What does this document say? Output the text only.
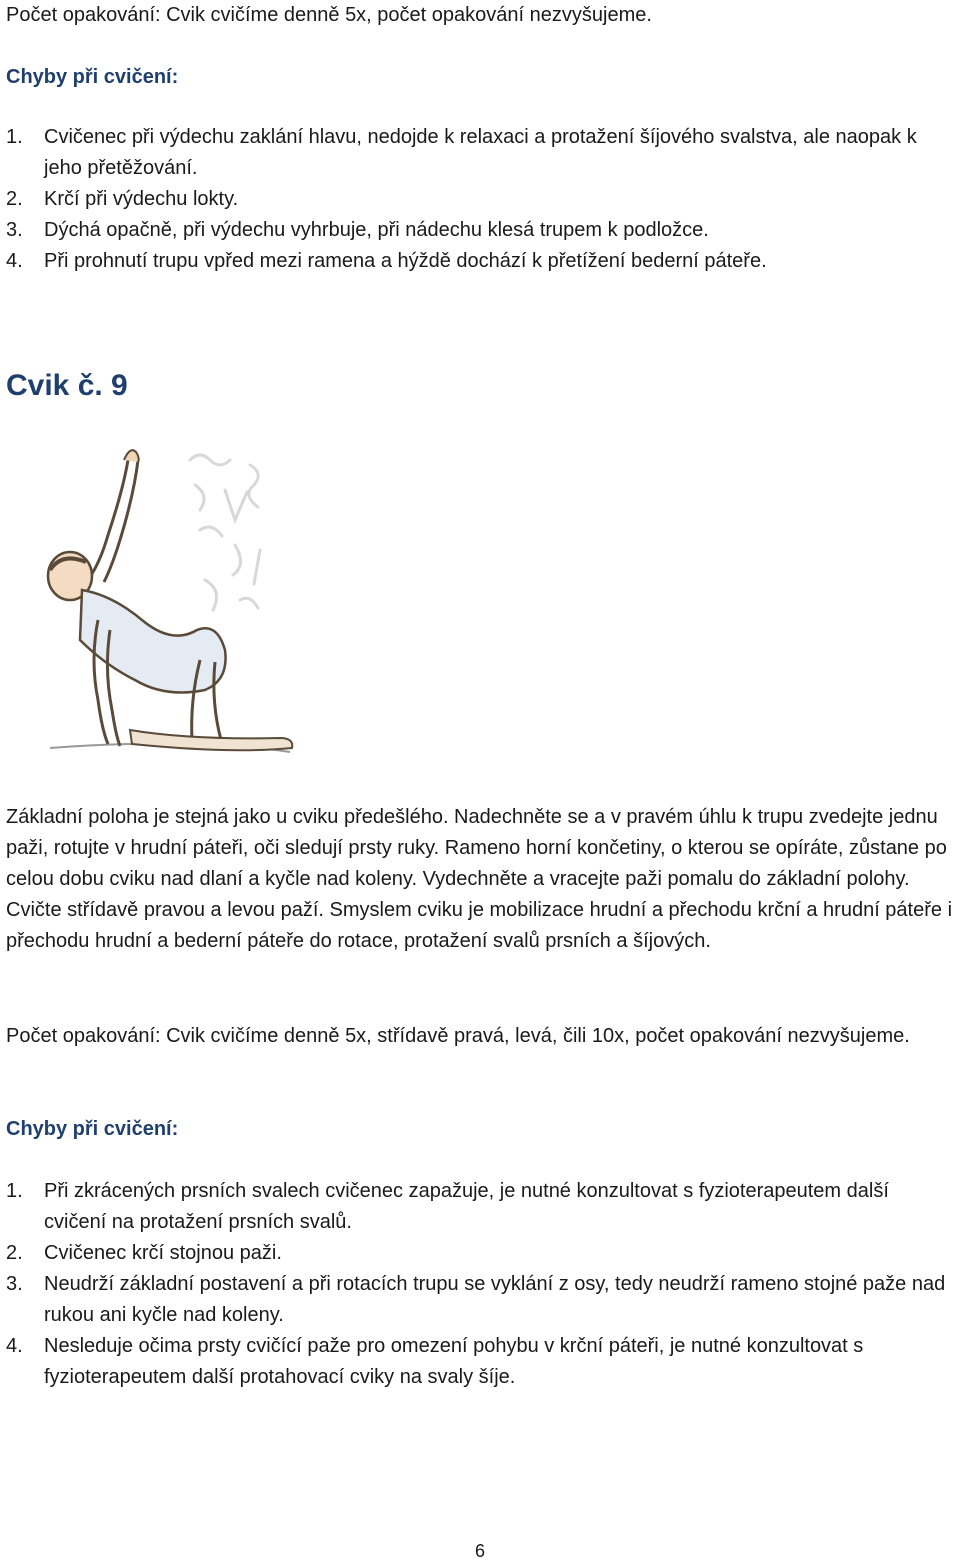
Počet opakování: Cvik cvičíme denně 5x, počet opakování nezvyšujeme.

Chyby při cvičení:

1. Cvičenec při výdechu zaklání hlavu, nedojde k relaxaci a protažení šíjového svalstva, ale naopak k jeho přetěžování.
2. Krčí při výdechu lokty.
3. Dýchá opačně, při výdechu vyhrbuje, při nádechu klesá trupem k podložce.
4. Při prohnutí trupu vpřed mezi ramena a hýždě dochází k přetížení bederní páteře.
Cvik č. 9

Základní poloha je stejná jako u cviku předešlého. Nadechněte se a v pravém úhlu k trupu zvedejte jednu paži, rotujte v hrudní páteři, oči sledují prsty ruky. Rameno horní končetiny, o kterou se opíráte, zůstane po celou dobu cviku nad dlaní a kyčle nad koleny. Vydechněte a vracejte paži pomalu do základní polohy. Cvičte střídavě pravou a levou paží. Smyslem cviku je mobilizace hrudní a přechodu krční a hrudní páteře i přechodu hrudní a bederní páteře do rotace, protažení svalů prsních a šíjových.

Počet opakování: Cvik cvičíme denně 5x, střídavě pravá, levá, čili 10x, počet opakování nezvyšujeme.

Chyby při cvičení:

1. Při zkrácených prsních svalech cvičenec zapažuje, je nutné konzultovat s fyzioterapeutem další cvičení na protažení prsních svalů.
2. Cvičenec krčí stojnou paži.
3. Neudrží základní postavení a při rotacích trupu se vyklání z osy, tedy neudrží rameno stojné paže nad rukou ani kyčle nad koleny.
4. Nesleduje očima prsty cvičící paže pro omezení pohybu v krční páteři, je nutné konzultovat s fyzioterapeutem další protahovací cviky na svaly šíje.
6
